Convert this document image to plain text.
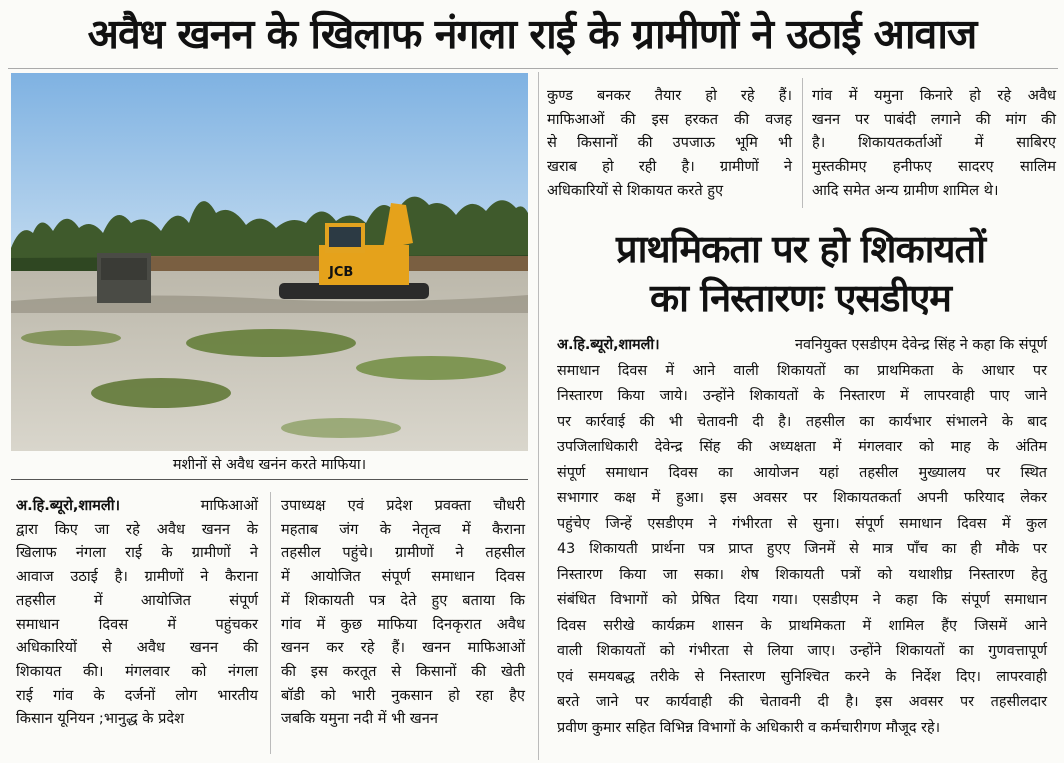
अवैध खनन के खिलाफ नंगला राई के ग्रामीणों ने उठाई आवाज
JCB
मशीनों से अवैध खनंन करते माफिया।
अ.हि.ब्यूरो,शामली।	माफिआओं
द्वारा किए जा रहे अवैध खनन के
खिलाफ नंगला राई के ग्रामीणों ने
आवाज उठाई है। ग्रामीणों ने कैराना
तहसील में आयोजित संपूर्ण
समाधान दिवस में पहुंचकर
अधिकारियों से अवैध खनन की
शिकायत की। मंगलवार को नंगला
राई गांव के दर्जनों लोग भारतीय
किसान यूनियन ;भानुद्ध के प्रदेश
उपाध्यक्ष एवं प्रदेश प्रवक्ता चौधरी
महताब जंग के नेतृत्व में कैराना
तहसील पहुंचे। ग्रामीणों ने तहसील
में आयोजित संपूर्ण समाधान दिवस
में शिकायती पत्र देते हुए बताया कि
गांव में कुछ माफिया दिनकृरात अवैध
खनन कर रहे हैं। खनन माफिआओं
की इस करतूत से किसानों की खेती
बॉडी को भारी नुकसान हो रहा हैए
जबकि यमुना नदी में भी खनन
कुण्ड बनकर तैयार हो रहे हैं।
माफिआओं की इस हरकत की वजह
से किसानों की उपजाऊ भूमि भी
खराब हो रही है। ग्रामीणों ने
अधिकारियों से शिकायत करते हुए
गांव में यमुना किनारे हो रहे अवैध
खनन पर पाबंदी लगाने की मांग की
है। शिकायतकर्ताओं में साबिरए
मुस्तकीमए हनीफए सादरए सालिम
आदि समेत अन्य ग्रामीण शामिल थे।
प्राथमिकता पर हो शिकायतों
का निस्तारणः एसडीएम
अ.हि.ब्यूरो,शामली।	नवनियुक्त एसडीएम देवेन्द्र सिंह ने कहा कि संपूर्ण
समाधान दिवस में आने वाली शिकायतों का प्राथमिकता के आधार पर
निस्तारण किया जाये। उन्होंने शिकायतों के निस्तारण में लापरवाही पाए जाने
पर कार्रवाई की भी चेतावनी दी है। तहसील का कार्यभार संभालने के बाद
उपजिलाधिकारी देवेन्द्र सिंह की अध्यक्षता में मंगलवार को माह के अंतिम
संपूर्ण समाधान दिवस का आयोजन यहां तहसील मुख्यालय पर स्थित
सभागार कक्ष में हुआ। इस अवसर पर शिकायतकर्ता अपनी फरियाद लेकर
पहुंचेए जिन्हें एसडीएम ने गंभीरता से सुना। संपूर्ण समाधान दिवस में कुल
43 शिकायती प्रार्थना पत्र प्राप्त हुएए जिनमें से मात्र पाँच का ही मौके पर
निस्तारण किया जा सका। शेष शिकायती पत्रों को यथाशीघ्र निस्तारण हेतु
संबंधित विभागों को प्रेषित दिया गया। एसडीएम ने कहा कि संपूर्ण समाधान
दिवस सरीखे कार्यक्रम शासन के प्राथमिकता में शामिल हैंए जिसमें आने
वाली शिकायतों को गंभीरता से लिया जाए। उन्होंने शिकायतों का गुणवत्तापूर्ण
एवं समयबद्ध तरीके से निस्तारण सुनिश्चित करने के निर्देश दिए। लापरवाही
बरते जाने पर कार्यवाही की चेतावनी दी है। इस अवसर पर तहसीलदार
प्रवीण कुमार सहित विभिन्न विभागों के अधिकारी व कर्मचारीगण मौजूद रहे।
